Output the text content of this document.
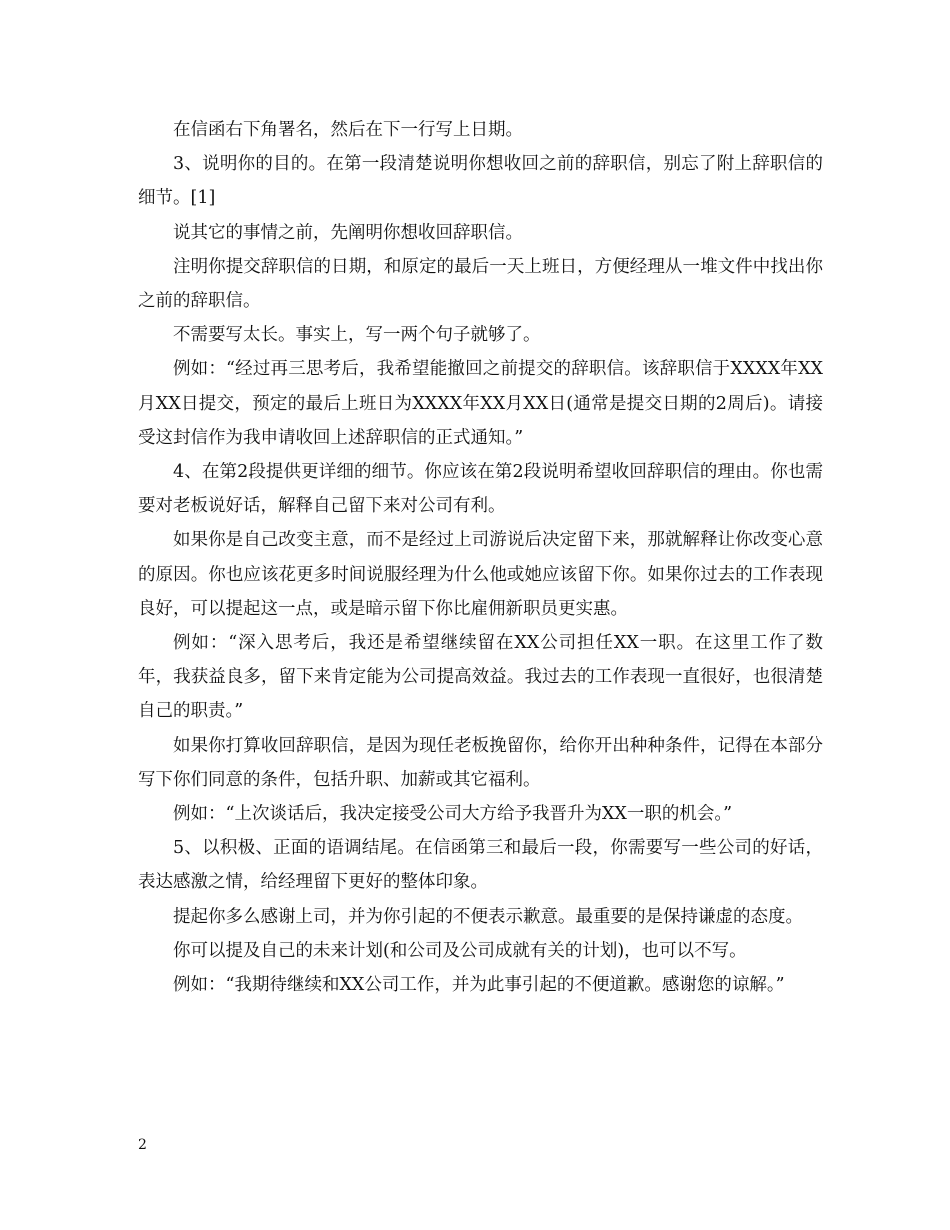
在信函右下角署名，然后在下一行写上日期。

3、说明你的目的。在第一段清楚说明你想收回之前的辞职信，别忘了附上辞职信的细节。[1]

说其它的事情之前，先阐明你想收回辞职信。

注明你提交辞职信的日期，和原定的最后一天上班日，方便经理从一堆文件中找出你之前的辞职信。

不需要写太长。事实上，写一两个句子就够了。

例如：“经过再三思考后，我希望能撤回之前提交的辞职信。该辞职信于XXXX年XX月XX日提交，预定的最后上班日为XXXX年XX月XX日(通常是提交日期的2周后)。请接受这封信作为我申请收回上述辞职信的正式通知。”

4、在第2段提供更详细的细节。你应该在第2段说明希望收回辞职信的理由。你也需要对老板说好话，解释自己留下来对公司有利。

如果你是自己改变主意，而不是经过上司游说后决定留下来，那就解释让你改变心意的原因。你也应该花更多时间说服经理为什么他或她应该留下你。如果你过去的工作表现良好，可以提起这一点，或是暗示留下你比雇佣新职员更实惠。

例如：“深入思考后，我还是希望继续留在XX公司担任XX一职。在这里工作了数年，我获益良多，留下来肯定能为公司提高效益。我过去的工作表现一直很好，也很清楚自己的职责。”

如果你打算收回辞职信，是因为现任老板挽留你，给你开出种种条件，记得在本部分写下你们同意的条件，包括升职、加薪或其它福利。

例如：“上次谈话后，我决定接受公司大方给予我晋升为XX一职的机会。”

5、以积极、正面的语调结尾。在信函第三和最后一段，你需要写一些公司的好话，表达感激之情，给经理留下更好的整体印象。

提起你多么感谢上司，并为你引起的不便表示歉意。最重要的是保持谦虚的态度。

你可以提及自己的未来计划(和公司及公司成就有关的计划)，也可以不写。

例如：“我期待继续和XX公司工作，并为此事引起的不便道歉。感谢您的谅解。”

2
